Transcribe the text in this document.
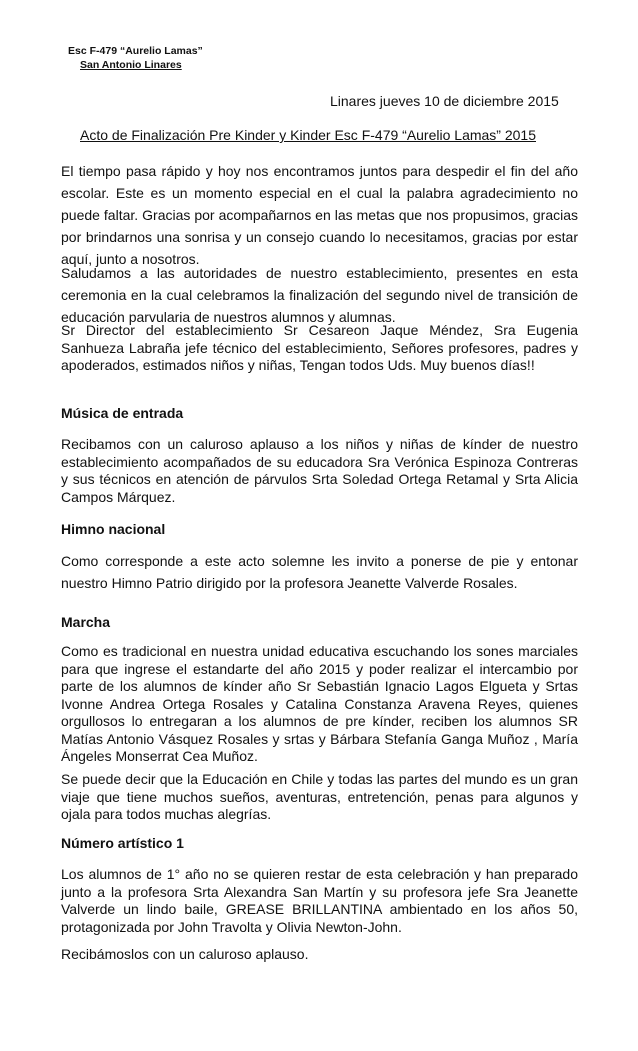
Esc F-479 “Aurelio Lamas”
San Antonio Linares
Linares jueves 10 de diciembre 2015
Acto de Finalización Pre Kinder y Kinder Esc F-479 “Aurelio Lamas” 2015

El tiempo pasa rápido y hoy nos encontramos juntos para despedir el fin del año escolar. Este es un momento especial en el cual la palabra agradecimiento no puede faltar. Gracias por acompañarnos en las metas que nos propusimos, gracias por brindarnos una sonrisa y un consejo cuando lo necesitamos, gracias por estar aquí, junto a nosotros.

Saludamos a las autoridades de nuestro establecimiento, presentes en esta ceremonia en la cual celebramos la finalización del segundo nivel de transición de educación parvularia de nuestros alumnos y alumnas.

Sr Director del establecimiento Sr Cesareon Jaque Méndez, Sra Eugenia Sanhueza Labraña jefe técnico del establecimiento, Señores profesores, padres y apoderados, estimados niños y niñas, Tengan todos Uds. Muy buenos días!!

Música de entrada

Recibamos con un caluroso aplauso a los niños y niñas de kínder de nuestro establecimiento acompañados de su educadora Sra Verónica Espinoza Contreras y sus técnicos en atención de párvulos Srta Soledad Ortega Retamal y Srta Alicia Campos Márquez.

Himno nacional

Como corresponde a este acto solemne les invito a ponerse de pie y entonar nuestro Himno Patrio dirigido por la profesora Jeanette Valverde Rosales.

Marcha

Como es tradicional en nuestra unidad educativa escuchando los sones marciales para que ingrese el estandarte del año 2015 y poder realizar el intercambio por parte de los alumnos de kínder año Sr Sebastián Ignacio Lagos Elgueta y Srtas Ivonne Andrea Ortega Rosales y Catalina Constanza Aravena Reyes, quienes orgullosos lo entregaran a los alumnos de pre kínder, reciben los alumnos SR Matías Antonio Vásquez Rosales y srtas y Bárbara Stefanía Ganga Muñoz , María Ángeles Monserrat Cea Muñoz.

Se puede decir que la Educación en Chile y todas las partes del mundo es un gran viaje que tiene muchos sueños, aventuras, entretención, penas para algunos y ojala para todos muchas alegrías.

Número artístico 1

Los alumnos de 1° año no se quieren restar de esta celebración y han preparado junto a la profesora Srta Alexandra San Martín y su profesora jefe Sra Jeanette Valverde un lindo baile, GREASE BRILLANTINA ambientado en los años 50, protagonizada por John Travolta y Olivia Newton-John.

Recibámoslos con un caluroso aplauso.
